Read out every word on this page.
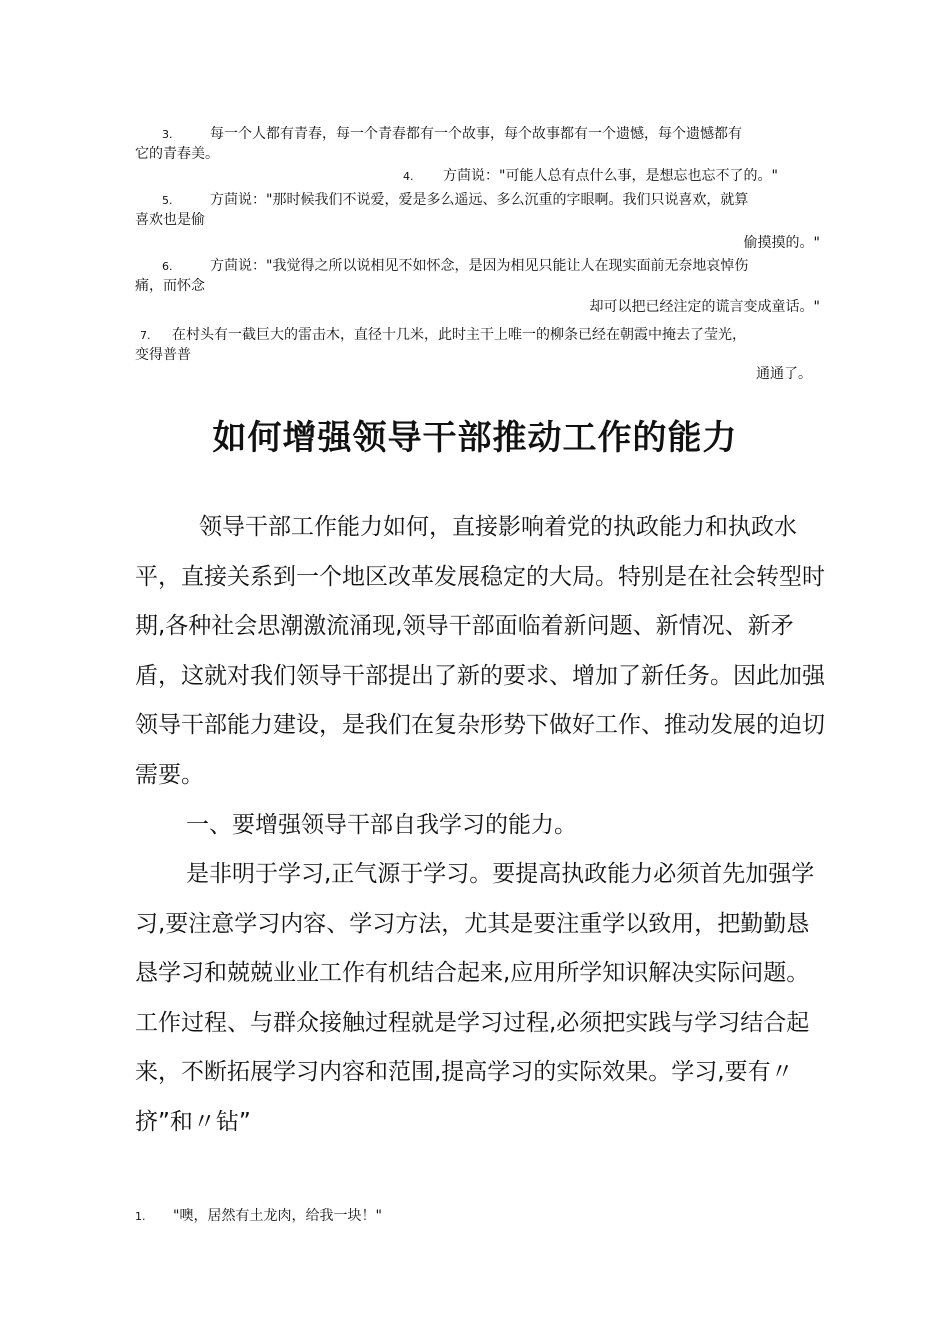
3.	每一个人都有青春，每一个青春都有一个故事，每个故事都有一个遗憾，每个遗憾都有
它的青春美。
4. 方茴说："可能人总有点什么事，是想忘也忘不了的。"
5.	方茴说："那时候我们不说爱，爱是多么遥远、多么沉重的字眼啊。我们只说喜欢，就算
喜欢也是偷
偷摸摸的。"
6.	方茴说："我觉得之所以说相见不如怀念，是因为相见只能让人在现实面前无奈地哀悼伤
痛，而怀念
却可以把已经注定的谎言变成童话。"
7. 在村头有一截巨大的雷击木，直径十几米，此时主干上唯一的柳条已经在朝霞中掩去了莹光，
变得普普
通通了。
如何增强领导干部推动工作的能力
领导干部工作能力如何，直接影响着党的执政能力和执政水平，直接关系到一个地区改革发展稳定的大局。特别是在社会转型时期,各种社会思潮激流涌现,领导干部面临着新问题、新情况、新矛盾，这就对我们领导干部提出了新的要求、增加了新任务。因此加强领导干部能力建设，是我们在复杂形势下做好工作、推动发展的迫切需要。
一、要增强领导干部自我学习的能力。
是非明于学习,正气源于学习。要提高执政能力必须首先加强学习,要注意学习内容、学习方法，尤其是要注重学以致用，把勤勤恳恳学习和兢兢业业工作有机结合起来,应用所学知识解决实际问题。工作过程、与群众接触过程就是学习过程,必须把实践与学习结合起来，不断拓展学习内容和范围,提高学习的实际效果。学习,要有〃挤”和〃钻”
1. "噢，居然有土龙肉，给我一块！"
